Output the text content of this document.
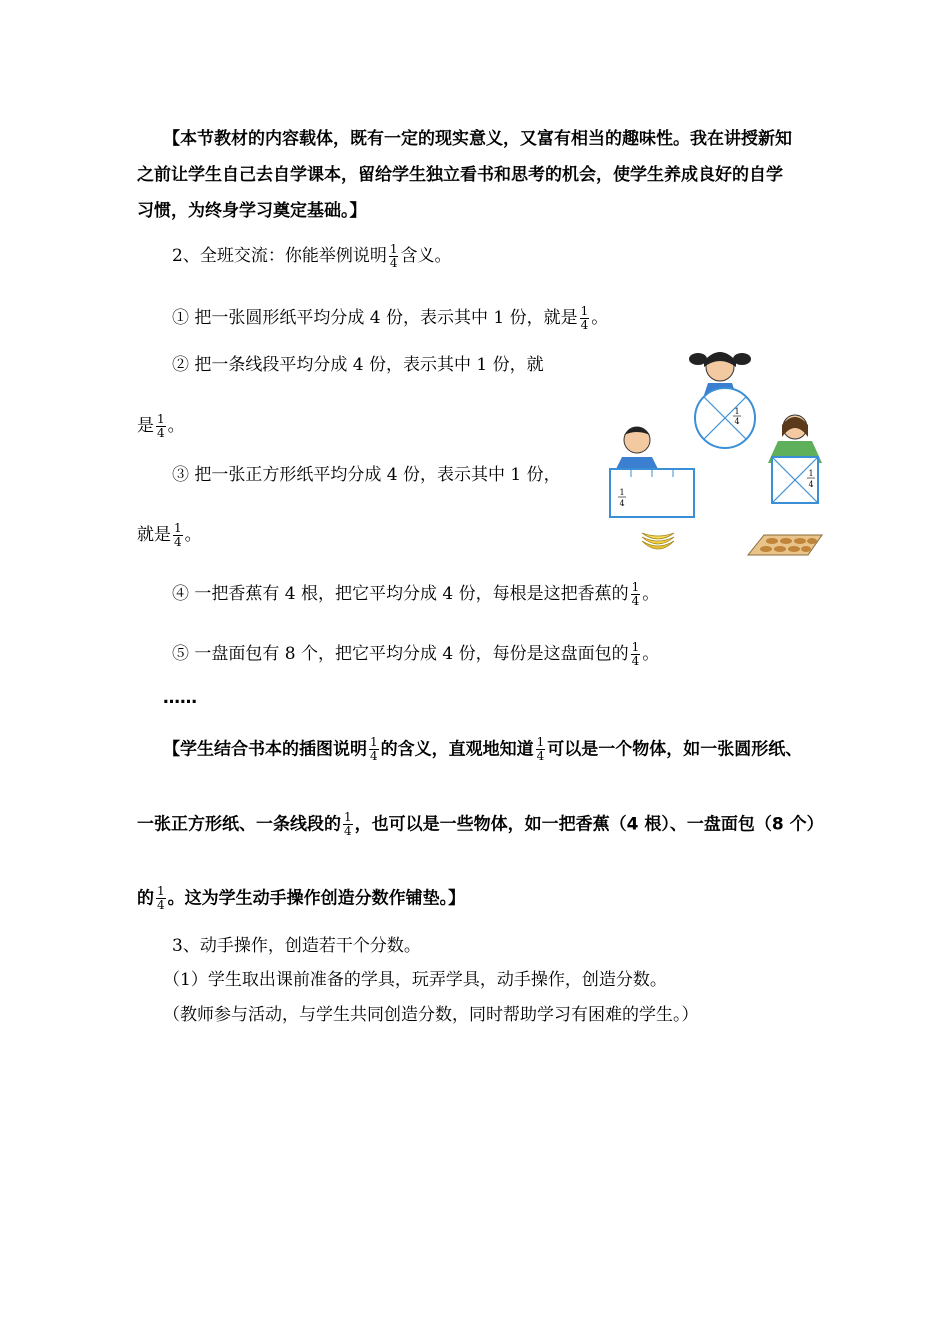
【本节教材的内容载体，既有一定的现实意义，又富有相当的趣味性。我在讲授新知
之前让学生自己去自学课本，留给学生独立看书和思考的机会，使学生养成良好的自学
习惯，为终身学习奠定基础。】
2、全班交流：你能举例说明 $\frac{1}{4}$ 含义。
① 把一张圆形纸平均分成 4 份，表示其中 1 份，就是 $\frac{1}{4}$ 。
② 把一条线段平均分成 4 份，表示其中 1 份，就
是 $\frac{1}{4}$ 。
③ 把一张正方形纸平均分成 4 份，表示其中 1 份，
就是 $\frac{1}{4}$ 。
④ 一把香蕉有 4 根，把它平均分成 4 份，每根是这把香蕉的 $\frac{1}{4}$ 。
⑤ 一盘面包有 8 个，把它平均分成 4 份，每份是这盘面包的 $\frac{1}{4}$ 。
……
【学生结合书本的插图说明 $\frac{1}{4}$ 的含义，直观地知道 $\frac{1}{4}$ 可以是一个物体，如一张圆形纸、
一张正方形纸、一条线段的 $\frac{1}{4}$ ，也可以是一些物体，如一把香蕉（4 根）、一盘面包（8 个）
的 $\frac{1}{4}$ 。这为学生动手操作创造分数作铺垫。】
3、动手操作，创造若干个分数。
（1）学生取出课前准备的学具，玩弄学具，动手操作，创造分数。
（教师参与活动，与学生共同创造分数，同时帮助学习有困难的学生。）
1
4
1
4
1
4
